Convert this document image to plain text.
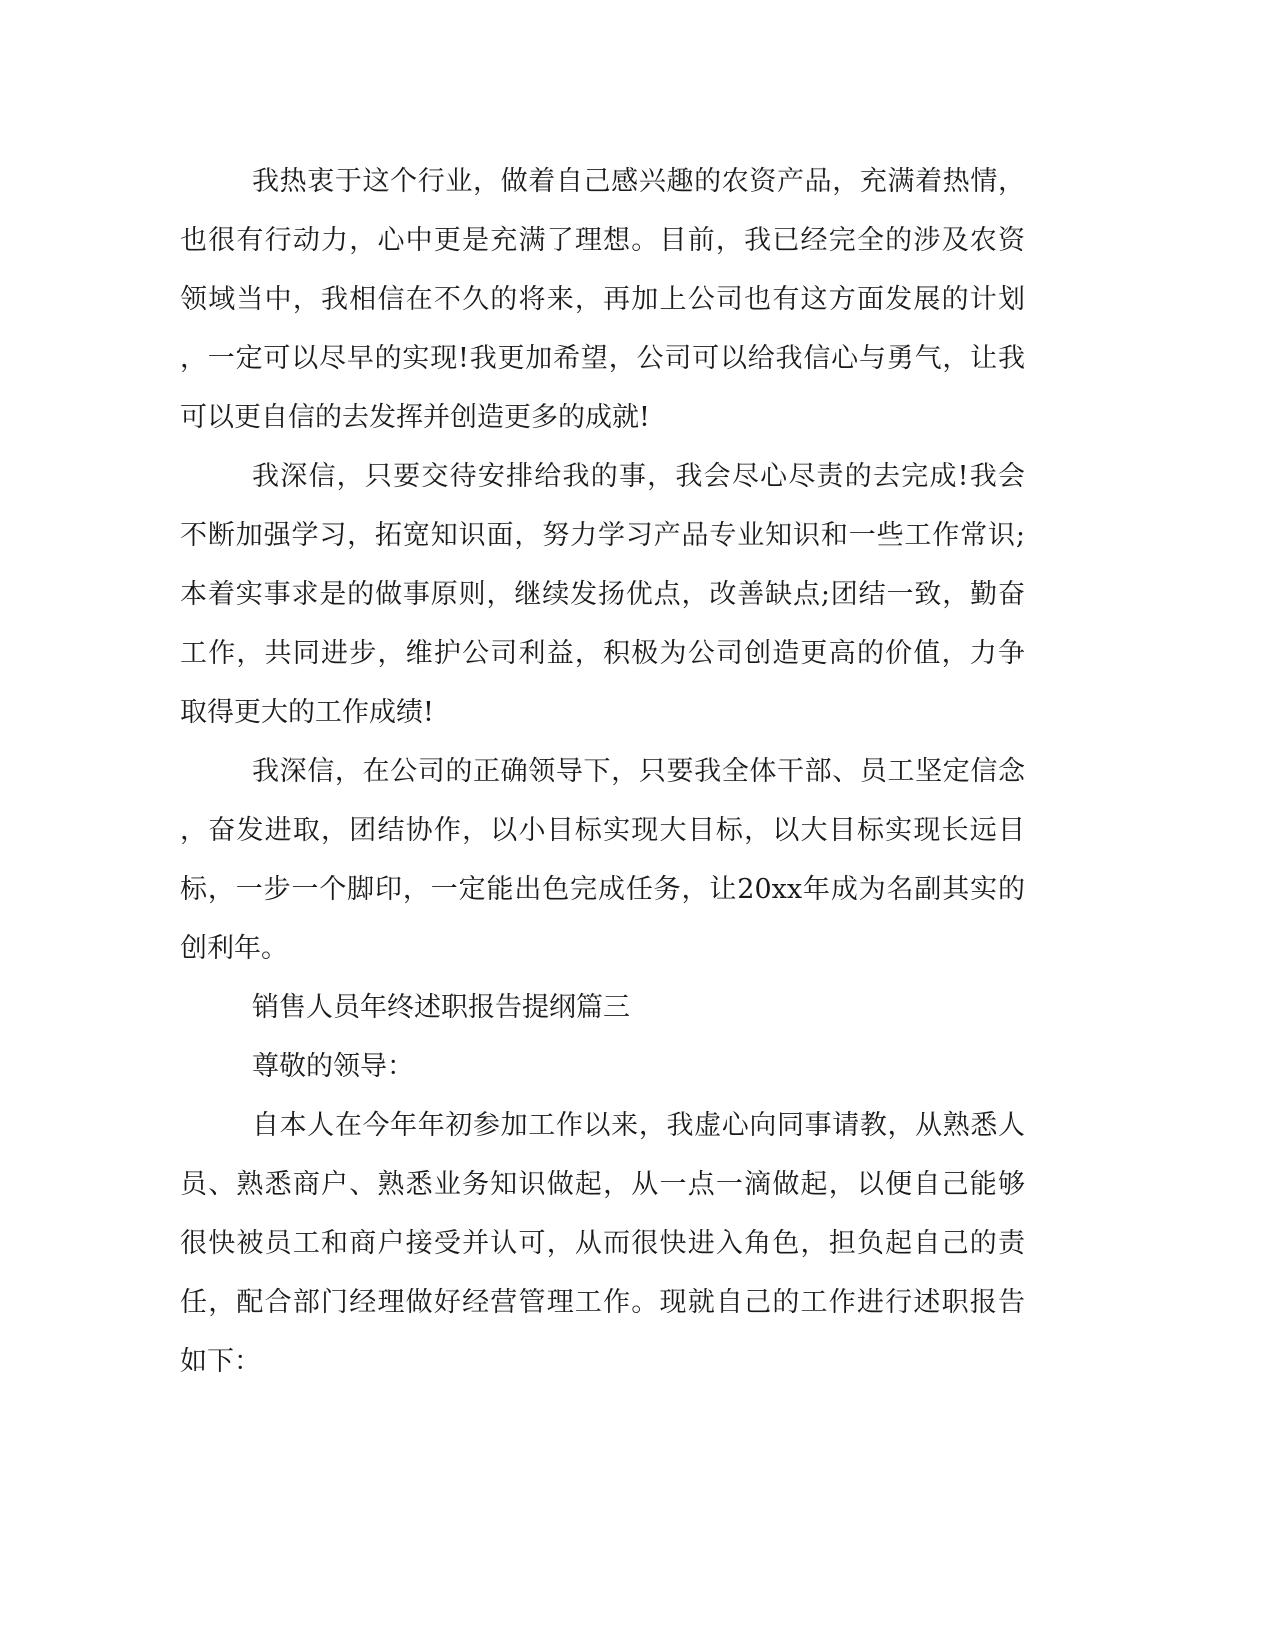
我热衷于这个行业，做着自己感兴趣的农资产品，充满着热情，
也很有行动力，心中更是充满了理想。目前，我已经完全的涉及农资
领域当中，我相信在不久的将来，再加上公司也有这方面发展的计划
，一定可以尽早的实现!我更加希望，公司可以给我信心与勇气，让我
可以更自信的去发挥并创造更多的成就!
我深信，只要交待安排给我的事，我会尽心尽责的去完成!我会
不断加强学习，拓宽知识面，努力学习产品专业知识和一些工作常识;
本着实事求是的做事原则，继续发扬优点，改善缺点;团结一致，勤奋
工作，共同进步，维护公司利益，积极为公司创造更高的价值，力争
取得更大的工作成绩!
我深信，在公司的正确领导下，只要我全体干部、员工坚定信念
，奋发进取，团结协作，以小目标实现大目标，以大目标实现长远目
标，一步一个脚印，一定能出色完成任务，让20xx年成为名副其实的
创利年。
销售人员年终述职报告提纲篇三
尊敬的领导：
自本人在今年年初参加工作以来，我虚心向同事请教，从熟悉人
员、熟悉商户、熟悉业务知识做起，从一点一滴做起，以便自己能够
很快被员工和商户接受并认可，从而很快进入角色，担负起自己的责
任，配合部门经理做好经营管理工作。现就自己的工作进行述职报告
如下：
